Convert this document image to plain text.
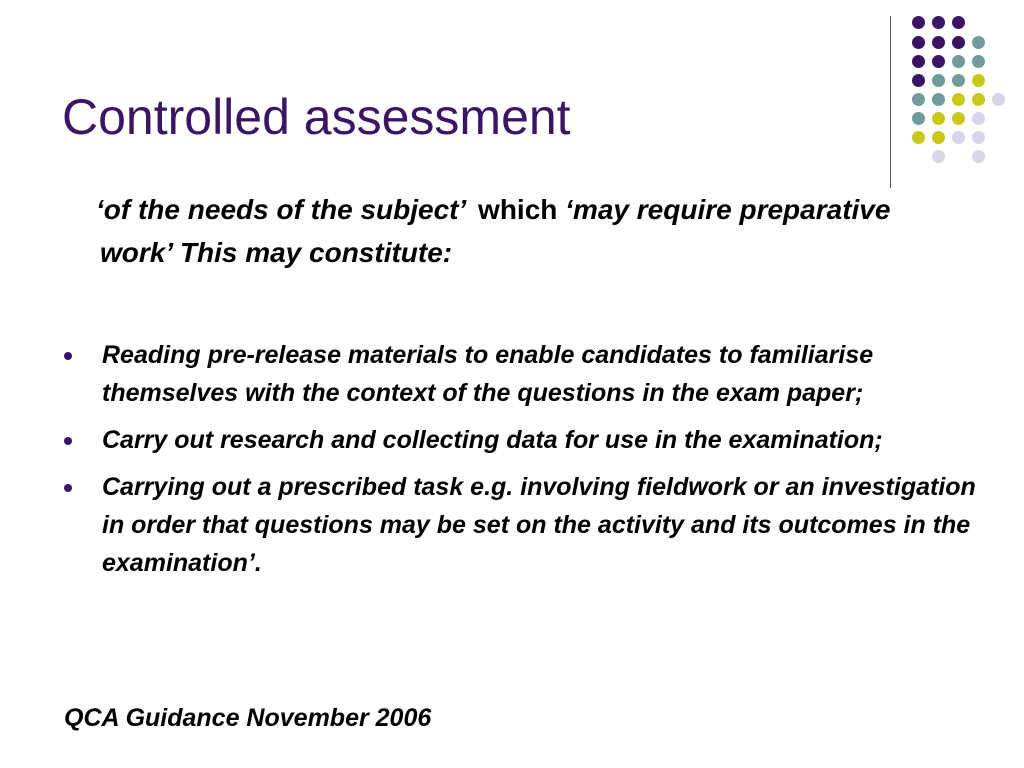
Controlled assessment
‘of the needs of the subject’ which ‘may require preparative work’ This may constitute:
Reading pre-release materials to enable candidates to familiarise themselves with the context of the questions in the exam paper;
Carry out research and collecting data for use in the examination;
Carrying out a prescribed task e.g. involving fieldwork or an investigation in order that questions may be set on the activity and its outcomes in the examination’.
QCA Guidance November 2006
